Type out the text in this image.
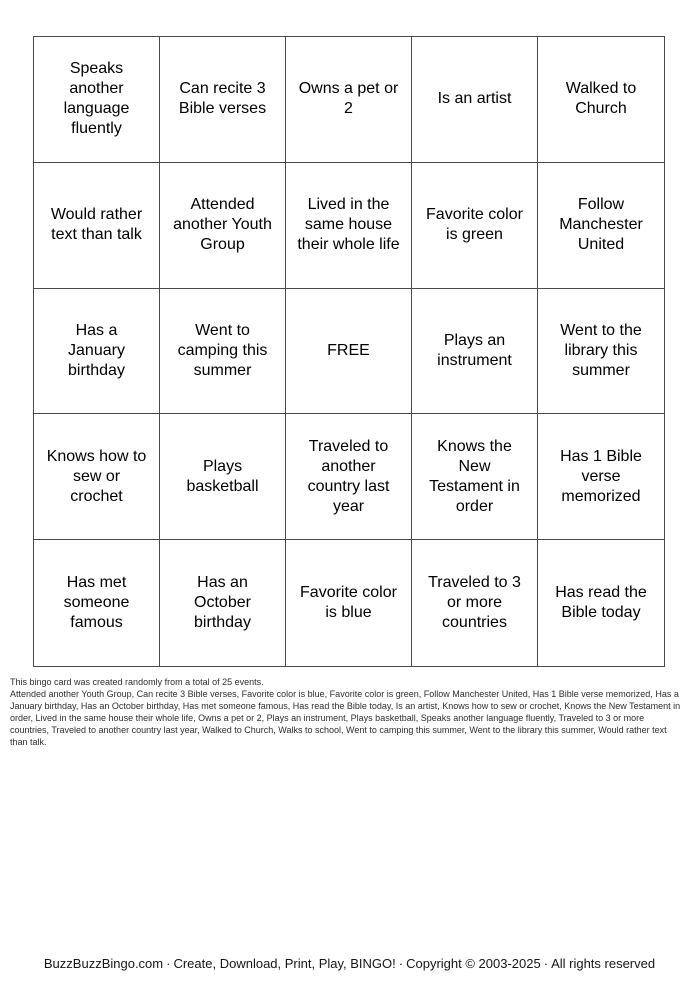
Speaks another language fluently
Can recite 3 Bible verses
Owns a pet or 2
Is an artist
Walked to Church
Would rather text than talk
Attended another Youth Group
Lived in the same house their whole life
Favorite color is green
Follow Manchester United
Has a January birthday
Went to camping this summer
FREE
Plays an instrument
Went to the library this summer
Knows how to sew or crochet
Plays basketball
Traveled to another country last year
Knows the New Testament in order
Has 1 Bible verse memorized
Has met someone famous
Has an October birthday
Favorite color is blue
Traveled to 3 or more countries
Has read the Bible today
This bingo card was created randomly from a total of 25 events.
Attended another Youth Group, Can recite 3 Bible verses, Favorite color is blue, Favorite color is green, Follow Manchester United, Has 1 Bible verse memorized, Has a January birthday, Has an October birthday, Has met someone famous, Has read the Bible today, Is an artist, Knows how to sew or crochet, Knows the New Testament in order, Lived in the same house their whole life, Owns a pet or 2, Plays an instrument, Plays basketball, Speaks another language fluently, Traveled to 3 or more countries, Traveled to another country last year, Walked to Church, Walks to school, Went to camping this summer, Went to the library this summer, Would rather text than talk.
BuzzBuzzBingo.com · Create, Download, Print, Play, BINGO! · Copyright © 2003-2025 · All rights reserved
